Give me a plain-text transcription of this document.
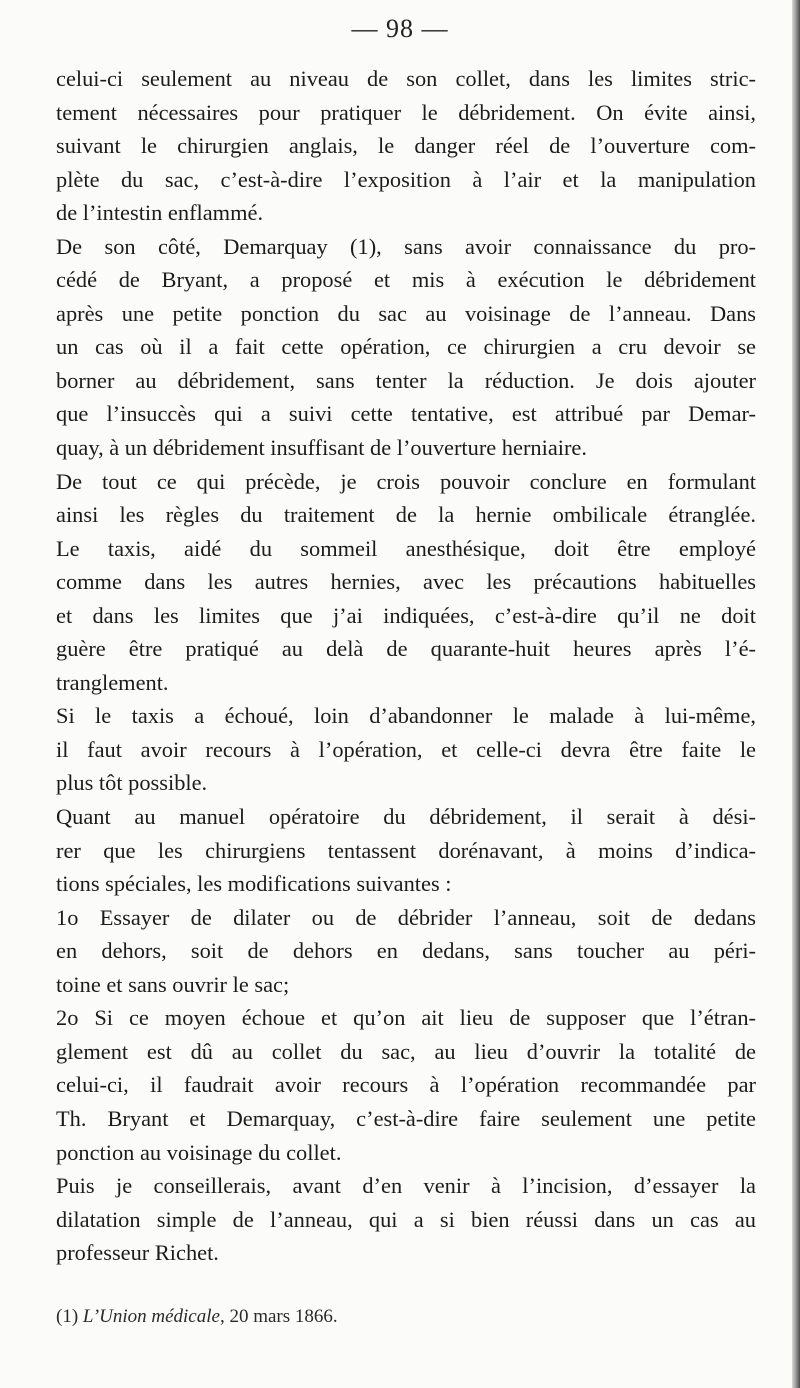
— 98 —
celui-ci seulement au niveau de son collet, dans les limites stric-
tement nécessaires pour pratiquer le débridement. On évite ainsi,
suivant le chirurgien anglais, le danger réel de l’ouverture com-
plète du sac, c’est-à-dire l’exposition à l’air et la manipulation
de l’intestin enflammé.
De son côté, Demarquay (1), sans avoir connaissance du pro-
cédé de Bryant, a proposé et mis à exécution le débridement
après une petite ponction du sac au voisinage de l’anneau. Dans
un cas où il a fait cette opération, ce chirurgien a cru devoir se
borner au débridement, sans tenter la réduction. Je dois ajouter
que l’insuccès qui a suivi cette tentative, est attribué par Demar-
quay, à un débridement insuffisant de l’ouverture herniaire.
De tout ce qui précède, je crois pouvoir conclure en formulant
ainsi les règles du traitement de la hernie ombilicale étranglée.
Le taxis, aidé du sommeil anesthésique, doit être employé
comme dans les autres hernies, avec les précautions habituelles
et dans les limites que j’ai indiquées, c’est-à-dire qu’il ne doit
guère être pratiqué au delà de quarante-huit heures après l’é-
tranglement.
Si le taxis a échoué, loin d’abandonner le malade à lui-même,
il faut avoir recours à l’opération, et celle-ci devra être faite le
plus tôt possible.
Quant au manuel opératoire du débridement, il serait à dési-
rer que les chirurgiens tentassent dorénavant, à moins d’indica-
tions spéciales, les modifications suivantes :
1o Essayer de dilater ou de débrider l’anneau, soit de dedans
en dehors, soit de dehors en dedans, sans toucher au péri-
toine et sans ouvrir le sac;
2o Si ce moyen échoue et qu’on ait lieu de supposer que l’étran-
glement est dû au collet du sac, au lieu d’ouvrir la totalité de
celui-ci, il faudrait avoir recours à l’opération recommandée par
Th. Bryant et Demarquay, c’est-à-dire faire seulement une petite
ponction au voisinage du collet.
Puis je conseillerais, avant d’en venir à l’incision, d’essayer la
dilatation simple de l’anneau, qui a si bien réussi dans un cas au
professeur Richet.
(1) L’Union médicale, 20 mars 1866.
